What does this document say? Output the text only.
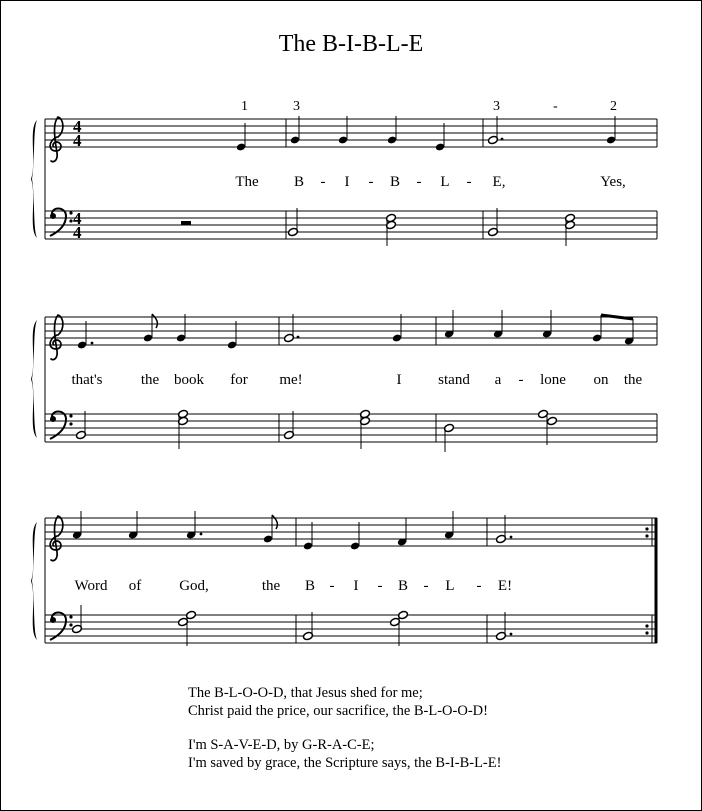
The B-I-B-L-E
4
4
4
4
1	3	3	-	2
The B - I - B - L - E,	Yes,
that's	the book for me!	I stand a - lone on the
Word of	God,	the B - I - B - L - E!
The B-L-O-O-D, that Jesus shed for me;
Christ paid the price, our sacrifice, the B-L-O-O-D!
I'm S-A-V-E-D, by G-R-A-C-E;
I'm saved by grace, the Scripture says, the B-I-B-L-E!
